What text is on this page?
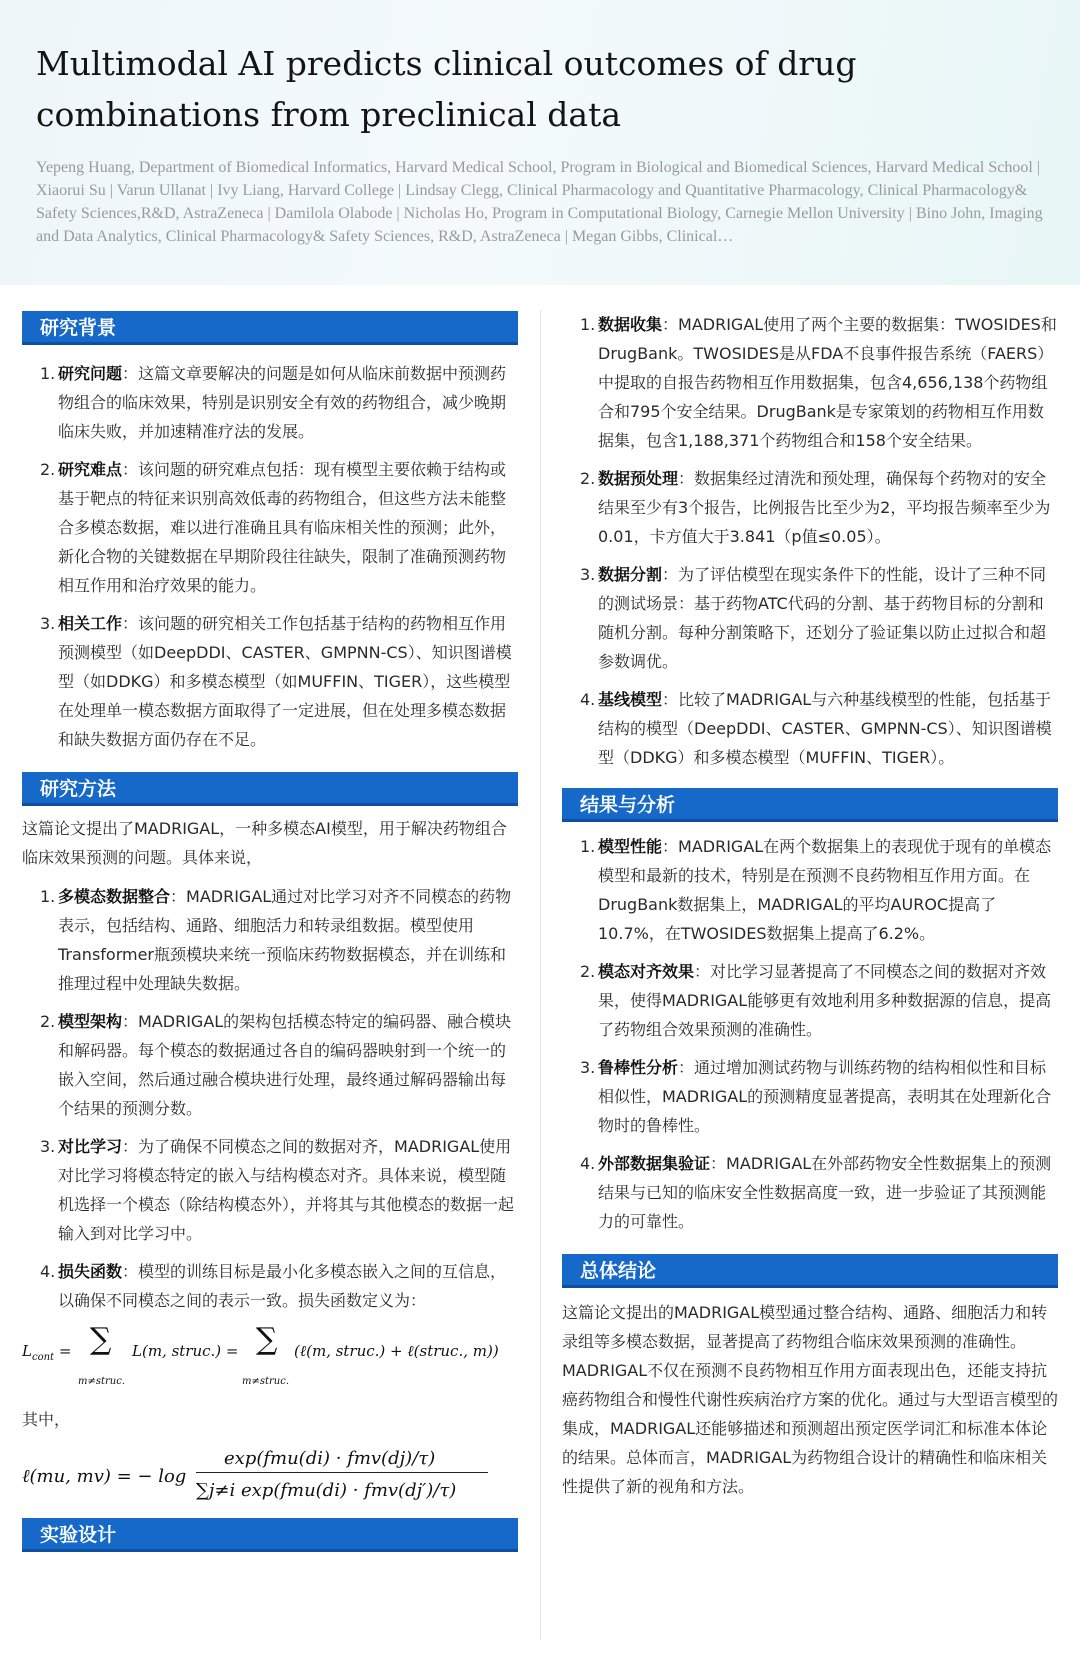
Multimodal AI predicts clinical outcomes of drug combinations from preclinical data
Yepeng Huang, Department of Biomedical Informatics, Harvard Medical School, Program in Biological and Biomedical Sciences, Harvard Medical School | Xiaorui Su | Varun Ullanat | Ivy Liang, Harvard College | Lindsay Clegg, Clinical Pharmacology and Quantitative Pharmacology, Clinical Pharmacology& Safety Sciences,R&D, AstraZeneca | Damilola Olabode | Nicholas Ho, Program in Computational Biology, Carnegie Mellon University | Bino John, Imaging and Data Analytics, Clinical Pharmacology& Safety Sciences, R&D, AstraZeneca | Megan Gibbs, Clinical…
研究背景
1. 研究问题：这篇文章要解决的问题是如何从临床前数据中预测药物组合的临床效果，特别是识别安全有效的药物组合，减少晚期临床失败，并加速精准疗法的发展。
2. 研究难点：该问题的研究难点包括：现有模型主要依赖于结构或基于靶点的特征来识别高效低毒的药物组合，但这些方法未能整合多模态数据，难以进行准确且具有临床相关性的预测；此外，新化合物的关键数据在早期阶段往往缺失，限制了准确预测药物相互作用和治疗效果的能力。
3. 相关工作：该问题的研究相关工作包括基于结构的药物相互作用预测模型（如DeepDDI、CASTER、GMPNN-CS）、知识图谱模型（如DDKG）和多模态模型（如MUFFIN、TIGER），这些模型在处理单一模态数据方面取得了一定进展，但在处理多模态数据和缺失数据方面仍存在不足。
研究方法

这篇论文提出了MADRIGAL，一种多模态AI模型，用于解决药物组合临床效果预测的问题。具体来说，

1. 多模态数据整合：MADRIGAL通过对比学习对齐不同模态的药物表示，包括结构、通路、细胞活力和转录组数据。模型使用Transformer瓶颈模块来统一预临床药物数据模态，并在训练和推理过程中处理缺失数据。
2. 模型架构：MADRIGAL的架构包括模态特定的编码器、融合模块和解码器。每个模态的数据通过各自的编码器映射到一个统一的嵌入空间，然后通过融合模块进行处理，最终通过解码器输出每个结果的预测分数。
3. 对比学习：为了确保不同模态之间的数据对齐，MADRIGAL使用对比学习将模态特定的嵌入与结构模态对齐。具体来说，模型随机选择一个模态（除结构模态外），并将其与其他模态的数据一起输入到对比学习中。
4. 损失函数：模型的训练目标是最小化多模态嵌入之间的互信息，以确保不同模态之间的表示一致。损失函数定义为：
$L_{cont}$ = ∑
m≠struc.
L(m, struc.) = ∑
m≠struc.
(ℓ(m, struc.) + ℓ(struc., m))

其中，

ℓ(mu, mv) = − log
exp(fmu(di) · fmv(dj)/τ)
∑j≠i exp(fmu(di) · fmv(dj′)/τ)
实验设计
1. 数据收集：MADRIGAL使用了两个主要的数据集：TWOSIDES和DrugBank。TWOSIDES是从FDA不良事件报告系统（FAERS）中提取的自报告药物相互作用数据集，包含4,656,138个药物组合和795个安全结果。DrugBank是专家策划的药物相互作用数据集，包含1,188,371个药物组合和158个安全结果。
2. 数据预处理：数据集经过清洗和预处理，确保每个药物对的安全结果至少有3个报告，比例报告比至少为2，平均报告频率至少为0.01，卡方值大于3.841（p值≤0.05）。
3. 数据分割：为了评估模型在现实条件下的性能，设计了三种不同的测试场景：基于药物ATC代码的分割、基于药物目标的分割和随机分割。每种分割策略下，还划分了验证集以防止过拟合和超参数调优。
4. 基线模型：比较了MADRIGAL与六种基线模型的性能，包括基于结构的模型（DeepDDI、CASTER、GMPNN-CS）、知识图谱模型（DDKG）和多模态模型（MUFFIN、TIGER）。
结果与分析
1. 模型性能：MADRIGAL在两个数据集上的表现优于现有的单模态模型和最新的技术，特别是在预测不良药物相互作用方面。在DrugBank数据集上，MADRIGAL的平均AUROC提高了10.7%，在TWOSIDES数据集上提高了6.2%。
2. 模态对齐效果：对比学习显著提高了不同模态之间的数据对齐效果，使得MADRIGAL能够更有效地利用多种数据源的信息，提高了药物组合效果预测的准确性。
3. 鲁棒性分析：通过增加测试药物与训练药物的结构相似性和目标相似性，MADRIGAL的预测精度显著提高，表明其在处理新化合物时的鲁棒性。
4. 外部数据集验证：MADRIGAL在外部药物安全性数据集上的预测结果与已知的临床安全性数据高度一致，进一步验证了其预测能力的可靠性。
总体结论

这篇论文提出的MADRIGAL模型通过整合结构、通路、细胞活力和转录组等多模态数据，显著提高了药物组合临床效果预测的准确性。MADRIGAL不仅在预测不良药物相互作用方面表现出色，还能支持抗癌药物组合和慢性代谢性疾病治疗方案的优化。通过与大型语言模型的集成，MADRIGAL还能够描述和预测超出预定医学词汇和标准本体论的结果。总体而言，MADRIGAL为药物组合设计的精确性和临床相关性提供了新的视角和方法。
